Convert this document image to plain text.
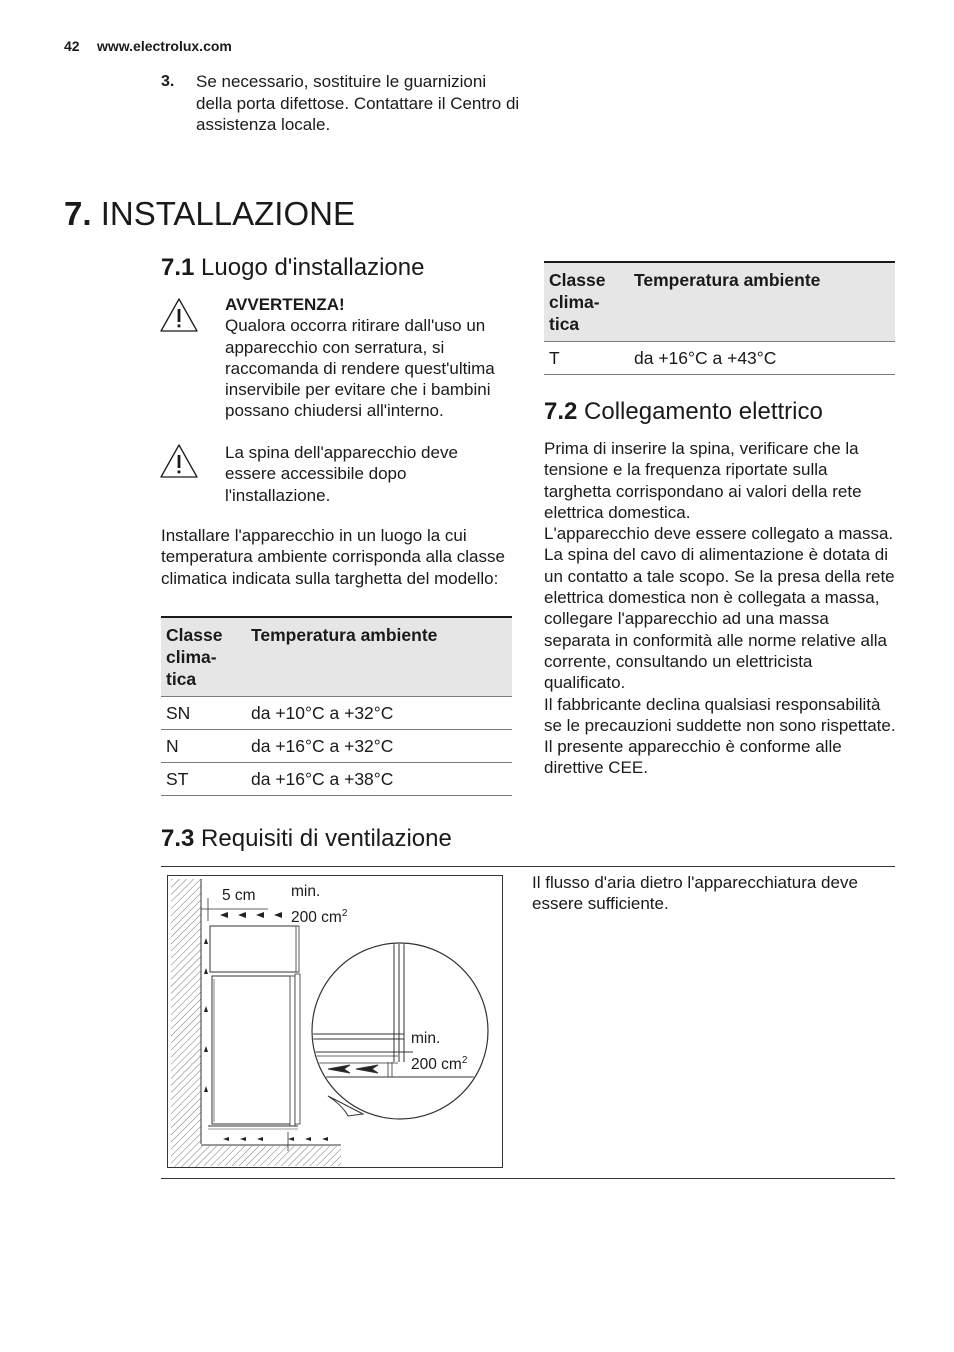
42 www.electrolux.com
3. Se necessario, sostituire le guarnizioni della porta difettose. Contattare il Centro di assistenza locale.
7. INSTALLAZIONE
7.1 Luogo d'installazione
AVVERTENZA!
Qualora occorra ritirare dall'uso un apparecchio con serratura, si raccomanda di rendere quest'ultima inservibile per evitare che i bambini possano chiudersi all'interno.
La spina dell'apparecchio deve essere accessibile dopo l'installazione.
Installare l'apparecchio in un luogo la cui temperatura ambiente corrisponda alla classe climatica indicata sulla targhetta del modello:
Classe clima-tica	Temperatura ambiente
SN	da +10°C a +32°C
N	da +16°C a +32°C
ST	da +16°C a +38°C
Classe clima-tica	Temperatura ambiente
T	da +16°C a +43°C
7.2 Collegamento elettrico
Prima di inserire la spina, verificare che la tensione e la frequenza riportate sulla targhetta corrispondano ai valori della rete elettrica domestica.
L'apparecchio deve essere collegato a massa. La spina del cavo di alimentazione è dotata di un contatto a tale scopo. Se la presa della rete elettrica domestica non è collegata a massa, collegare l'apparecchio ad una massa separata in conformità alle norme relative alla corrente, consultando un elettricista qualificato.
Il fabbricante declina qualsiasi responsabilità se le precauzioni suddette non sono rispettate.
Il presente apparecchio è conforme alle direttive CEE.
7.3 Requisiti di ventilazione
Il flusso d'aria dietro l'apparecchiatura deve essere sufficiente.
5 cm min.
200 $cm^2$
min.
200 $cm^2$
